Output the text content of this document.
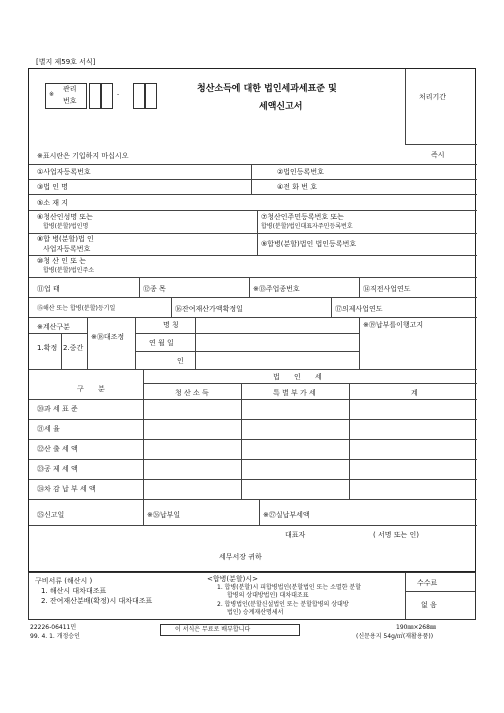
[별지 제59호 서식]
※
관리
번호
-
청산소득에 대한 법인세과세표준 및
세액신고서
처리기간
즉시
※표시란은 기입하지 마십시오
①사업자등록번호	②법인등록번호
③법 인 명	④전 화 번 호
⑤소 재 지
⑥청산인성명 또는
합병(분할)법인명
⑦청산인주민등록번호 또는
합병(분할)법인대표자주민등록번호
⑧합 병(분할)법 인
사업자등록번호
⑨합병(분할)법인 법인등록번호
⑩청 산 인 또 는
합병(분할)법인주소
⑪업 태	⑫종 목	※⑬주업종번호	⑭직전사업연도
⑮해산 또는 합병(분할)등기일	⑯잔여재산가액확정일	⑰의제사업연도
※계산구분
1.확정 2.중간
※⑱대조정
명 칭
연 월 일
인
※⑲납부를이행고지
구 분
법 인 세
청 산 소 득	특 별 부 가 세	계
⑳과 세 표 준
㉑세 율
㉒산 출 세 액
㉓공 제 세 액
㉔차 감 납 부 세 액
㉕신고일	※㉖납부일	※㉗실납부세액
대표자	( 서명 또는 인)
세무서장 귀하
구비서류 (해산시 )
1. 해산시 대차대조표
2. 잔여재산분배(확정)시 대차대조표
<합병(분할)시>
1. 합병(분할)시 피합병법인(분할법인 또는 소멸한 분할
합병의 상대방법인) 대차대조표
2. 합병법인(분할신설법인 또는 분할합병의 상대방
법인) 승계재산명세서
수수료
없 음
22226-06411민
99. 4. 1. 개정승인
이 서식은 무료로 배부합니다	190㎜×268㎜
(신문용지 54g/㎡(재활용품))
